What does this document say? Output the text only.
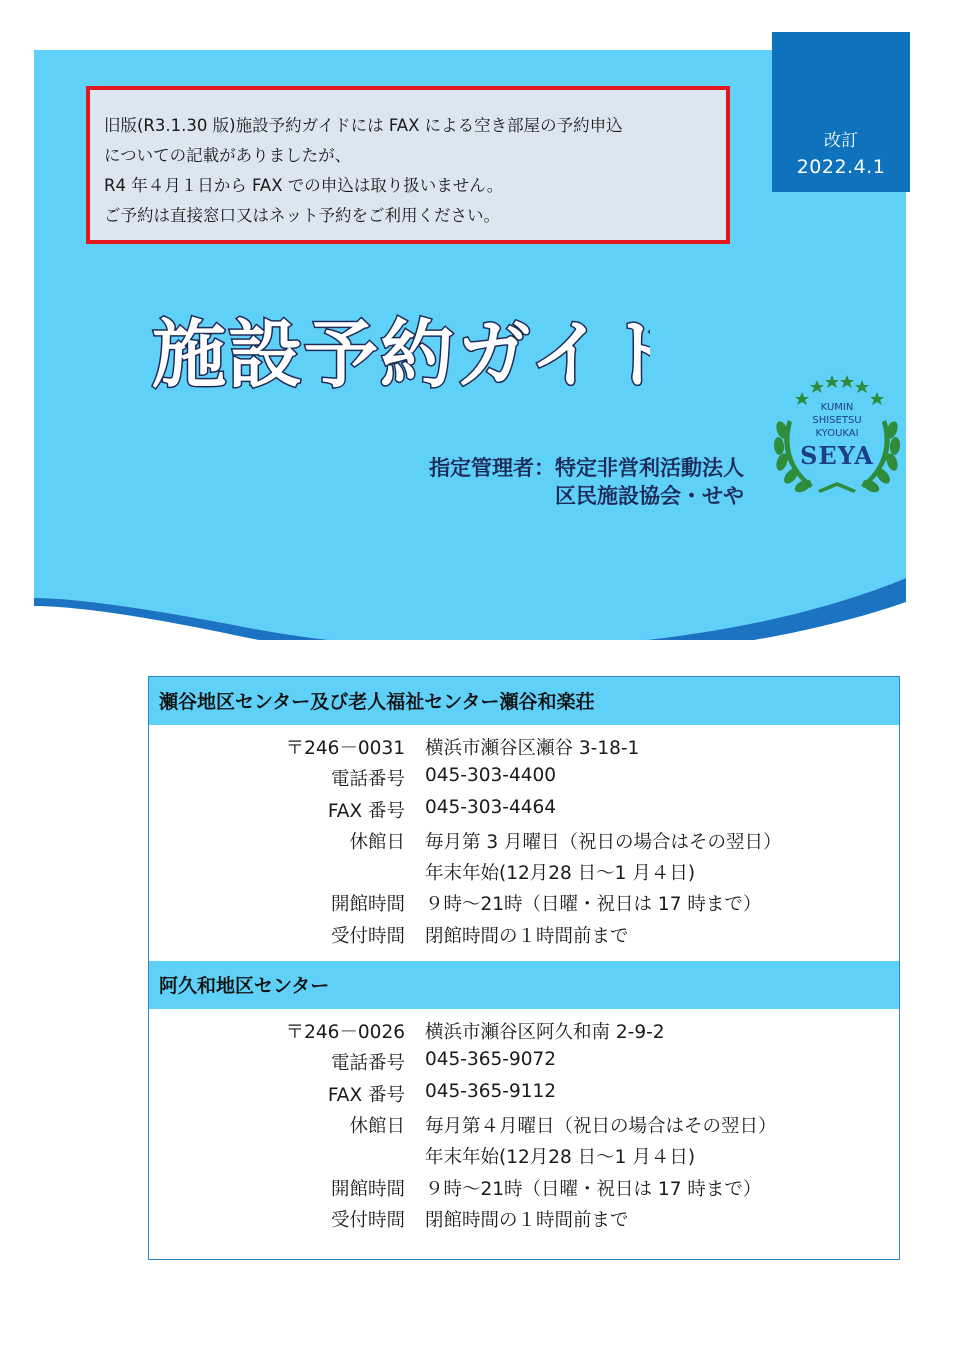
改訂
2022.4.1

旧版(R3.1.30 版)施設予約ガイドには FAX による空き部屋の予約申込

についての記載がありましたが、

R4 年４月１日から FAX での申込は取り扱いません。

ご予約は直接窓口又はネット予約をご利用ください。

施設予約ガイド
指定管理者：特定非営利活動法人
区民施設協会・せや
KUMIN
SHISETSU
KYOUKAI
SEYA
瀬谷地区センター及び老人福祉センター瀬谷和楽荘
〒246－0031 横浜市瀬谷区瀬谷 3-18-1
電話番号 045-303-4400
FAX 番号 045-303-4464
休館日 毎月第 3 月曜日（祝日の場合はその翌日）
年末年始(12月28 日～1 月４日)
開館時間 ９時～21時（日曜・祝日は 17 時まで）
受付時間 閉館時間の１時間前まで
阿久和地区センター
〒246－0026 横浜市瀬谷区阿久和南 2-9-2
電話番号 045-365-9072
FAX 番号 045-365-9112
休館日 毎月第４月曜日（祝日の場合はその翌日）
年末年始(12月28 日～1 月４日)
開館時間 ９時～21時（日曜・祝日は 17 時まで）
受付時間 閉館時間の１時間前まで
